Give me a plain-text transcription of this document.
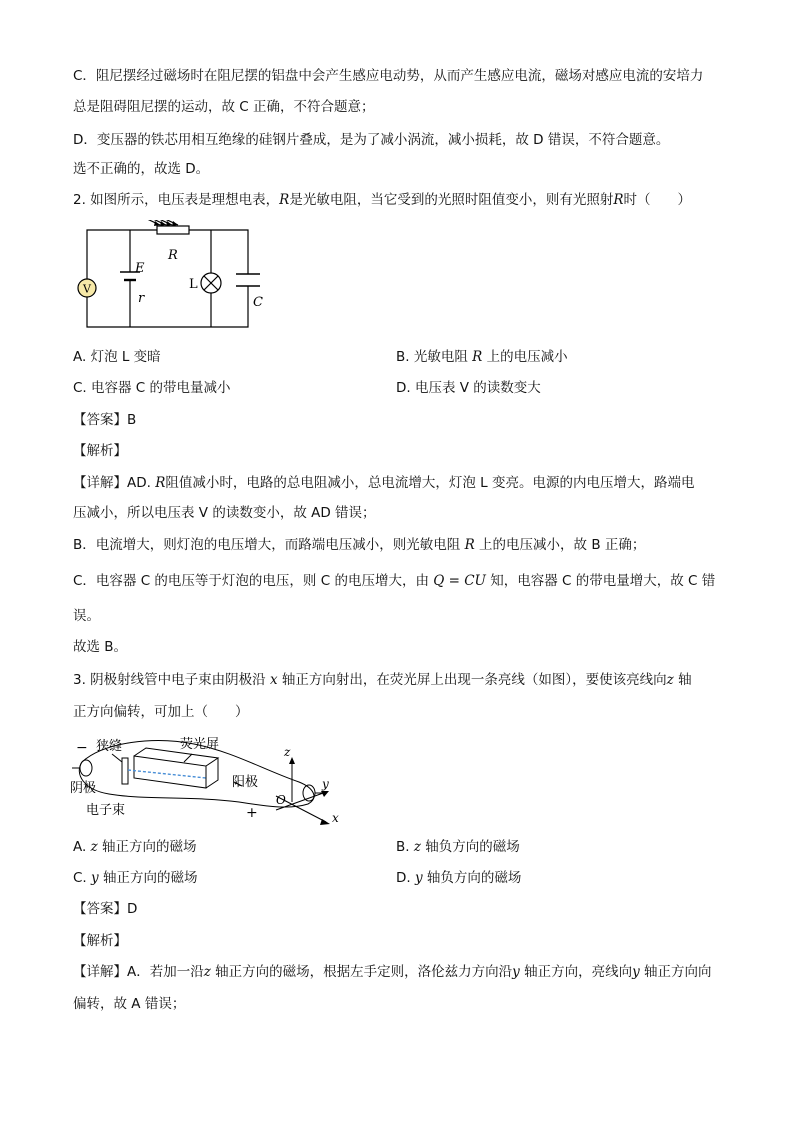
C．阻尼摆经过磁场时在阻尼摆的铝盘中会产生感应电动势，从而产生感应电流，磁场对感应电流的安培力
总是阻碍阻尼摆的运动，故 C 正确，不符合题意；
D．变压器的铁芯用相互绝缘的硅钢片叠成，是为了减小涡流，减小损耗，故 D 错误，不符合题意。
选不正确的，故选 D。
2. 如图所示，电压表是理想电表，R是光敏电阻，当它受到的光照时阻值变小，则有光照射R时（　　）
V
E
r
R
L
C
A. 灯泡 L 变暗	B. 光敏电阻 R 上的电压减小
C. 电容器 C 的带电量减小	D. 电压表 V 的读数变大
【答案】B
【解析】
【详解】AD. R阻值减小时，电路的总电阻减小，总电流增大，灯泡 L 变亮。电源的内电压增大，路端电
压减小，所以电压表 V 的读数变小，故 AD 错误；
B．电流增大，则灯泡的电压增大，而路端电压减小，则光敏电阻 R 上的电压减小，故 B 正确；
C．电容器 C 的电压等于灯泡的电压，则 C 的电压增大，由 Q = CU 知，电容器 C 的带电量增大，故 C 错
误。
故选 B。
3. 阴极射线管中电子束由阴极沿 x 轴正方向射出，在荧光屏上出现一条亮线（如图），要使该亮线向z 轴
正方向偏转，可加上（　　）
狭缝	荧光屏
−
阴极	阳极
电子束	+
z
y
x
O
A. z 轴正方向的磁场	B. z 轴负方向的磁场
C. y 轴正方向的磁场	D. y 轴负方向的磁场
【答案】D
【解析】
【详解】A．若加一沿z 轴正方向的磁场，根据左手定则，洛伦兹力方向沿y 轴正方向，亮线向y 轴正方向向
偏转，故 A 错误；
